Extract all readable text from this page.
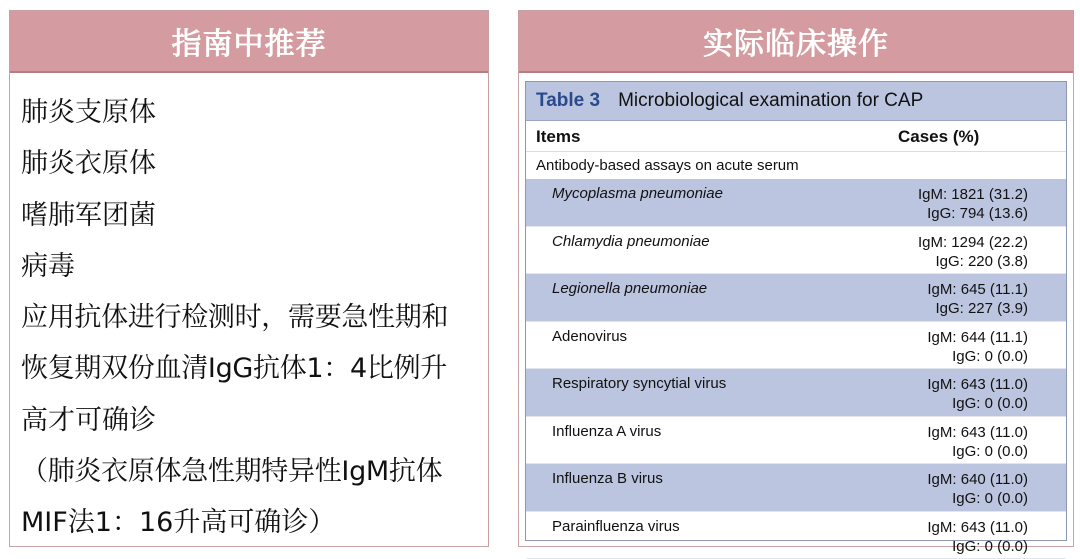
指南中推荐
肺炎支原体
肺炎衣原体
嗜肺军团菌
病毒
应用抗体进行检测时，需要急性期和
恢复期双份血清IgG抗体1：4比例升
高才可确诊
（肺炎衣原体急性期特异性IgM抗体
MIF法1：16升高可确诊）
实际临床操作
Table 3 Microbiological examination for CAP
Items	Cases (%)
Antibody-based assays on acute serum
Mycoplasma pneumoniae	IgM: 1821 (31.2)
IgG: 794 (13.6)
Chlamydia pneumoniae	IgM: 1294 (22.2)
IgG: 220 (3.8)
Legionella pneumoniae	IgM: 645 (11.1)
IgG: 227 (3.9)
Adenovirus	IgM: 644 (11.1)
IgG: 0 (0.0)
Respiratory syncytial virus	IgM: 643 (11.0)
IgG: 0 (0.0)
Influenza A virus	IgM: 643 (11.0)
IgG: 0 (0.0)
Influenza B virus	IgM: 640 (11.0)
IgG: 0 (0.0)
Parainfluenza virus	IgM: 643 (11.0)
IgG: 0 (0.0)
